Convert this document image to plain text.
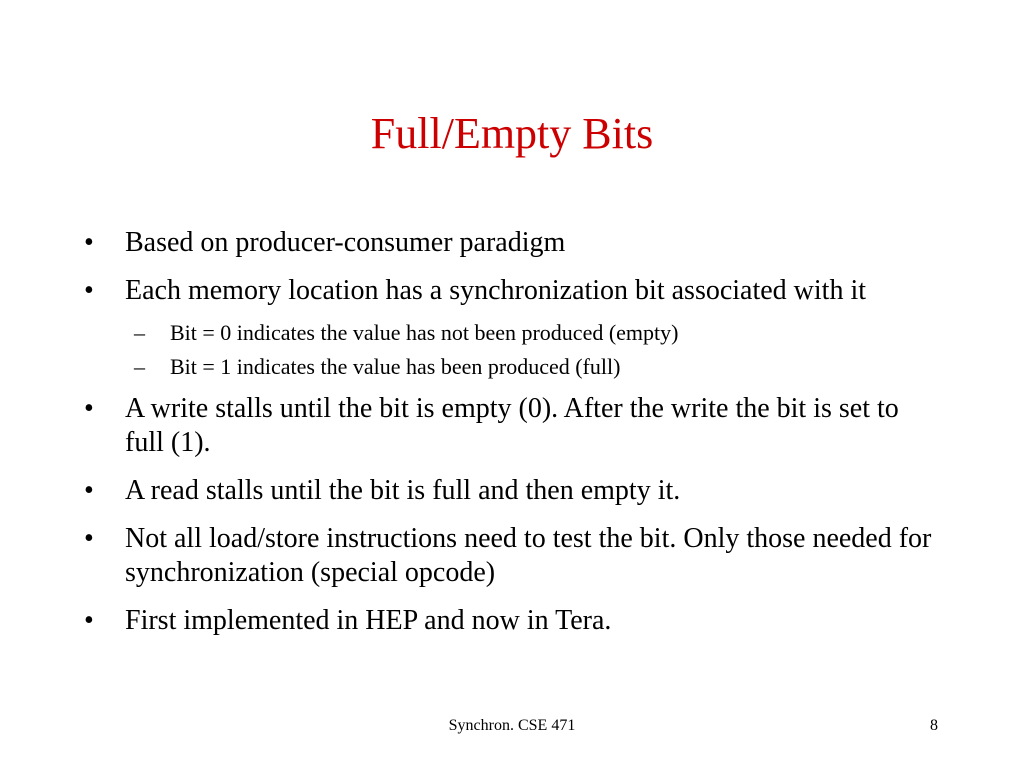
Full/Empty Bits
•	Based on producer-consumer paradigm
•	Each memory location has a synchronization bit associated with it
– Bit = 0 indicates the value has not been produced (empty)
– Bit = 1 indicates the value has been produced (full)
•	A write stalls until the bit is empty (0). After the write the bit is set to full (1).
•	A read stalls until the bit is full and then empty it.
•	Not all load/store instructions need to test the bit. Only those needed for synchronization (special opcode)
•	First implemented in HEP and now in Tera.
Synchron. CSE 471	8
